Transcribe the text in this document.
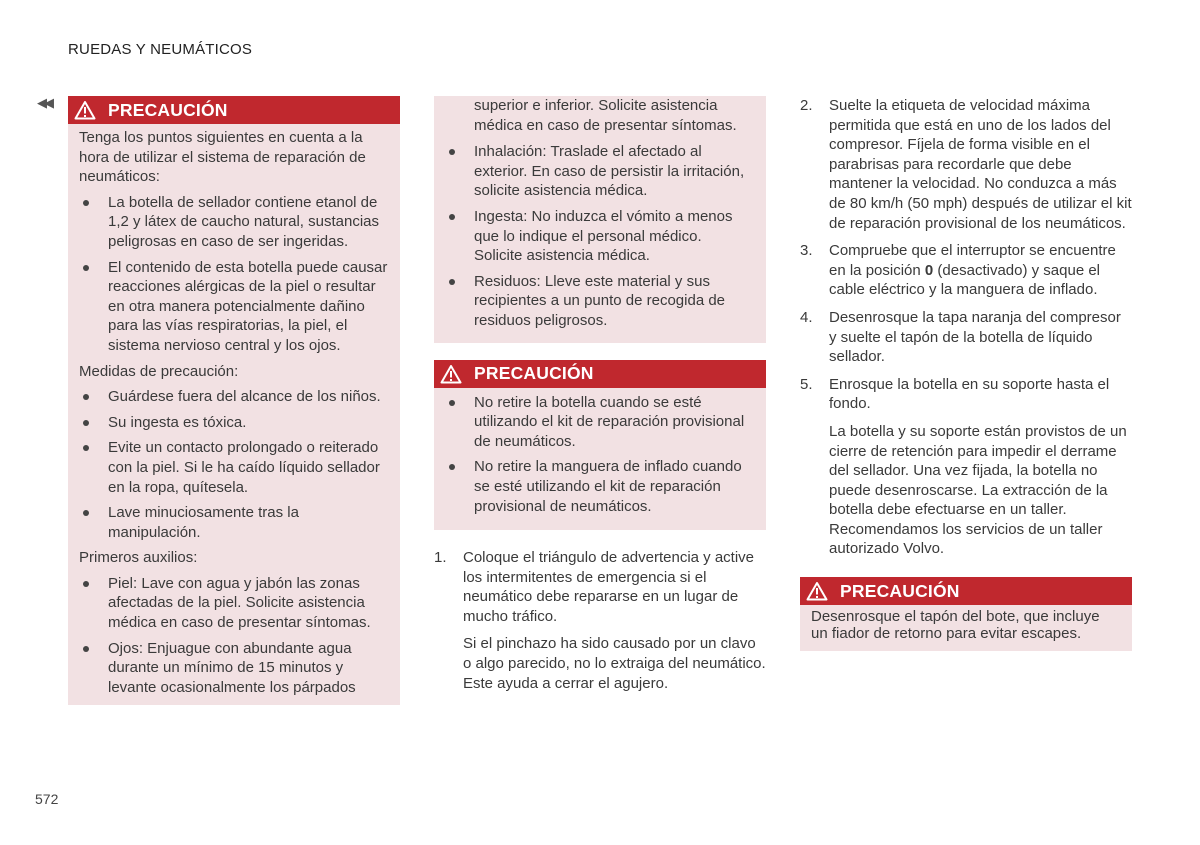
RUEDAS Y NEUMÁTICOS
◀◀	PRECAUCIÓN

Tenga los puntos siguientes en cuenta a la hora de utilizar el sistema de reparación de neumáticos:

La botella de sellador contiene etanol de 1,2 y látex de caucho natural, sustancias peligrosas en caso de ser ingeridas.
El contenido de esta botella puede causar reacciones alérgicas de la piel o resultar en otra manera potencialmente dañino para las vías respiratorias, la piel, el sistema nervioso central y los ojos.

Medidas de precaución:

Guárdese fuera del alcance de los niños.
Su ingesta es tóxica.
Evite un contacto prolongado o reiterado con la piel. Si le ha caído líquido sellador en la ropa, quítesela.
Lave minuciosamente tras la manipulación.

Primeros auxilios:

Piel: Lave con agua y jabón las zonas afectadas de la piel. Solicite asistencia médica en caso de presentar síntomas.
Ojos: Enjuague con abundante agua durante un mínimo de 15 minutos y levante ocasionalmente los párpados

superior e inferior. Solicite asistencia médica en caso de presentar síntomas.

Inhalación: Traslade el afectado al exterior. En caso de persistir la irritación, solicite asistencia médica.
Ingesta: No induzca el vómito a menos que lo indique el personal médico. Solicite asistencia médica.
Residuos: Lleve este material y sus recipientes a un punto de recogida de residuos peligrosos.
PRECAUCIÓN
No retire la botella cuando se esté utilizando el kit de reparación provisional de neumáticos.
No retire la manguera de inflado cuando se esté utilizando el kit de reparación provisional de neumáticos.
1. Coloque el triángulo de advertencia y active los intermitentes de emergencia si el neumático debe repararse en un lugar de mucho tráfico.

Si el pinchazo ha sido causado por un clavo o algo parecido, no lo extraiga del neumático. Este ayuda a cerrar el agujero.

2. Suelte la etiqueta de velocidad máxima permitida que está en uno de los lados del compresor. Fíjela de forma visible en el parabrisas para recordarle que debe mantener la velocidad. No conduzca a más de 80 km/h (50 mph) después de utilizar el kit de reparación provisional de los neumáticos.
3. Compruebe que el interruptor se encuentre en la posición 0 (desactivado) y saque el cable eléctrico y la manguera de inflado.
4. Desenrosque la tapa naranja del compresor y suelte el tapón de la botella de líquido sellador.
5. Enrosque la botella en su soporte hasta el fondo.

La botella y su soporte están provistos de un cierre de retención para impedir el derrame del sellador. Una vez fijada, la botella no puede desenroscarse. La extracción de la botella debe efectuarse en un taller. Recomendamos los servicios de un taller autorizado Volvo.

PRECAUCIÓN

Desenrosque el tapón del bote, que incluye un fiador de retorno para evitar escapes.

572
